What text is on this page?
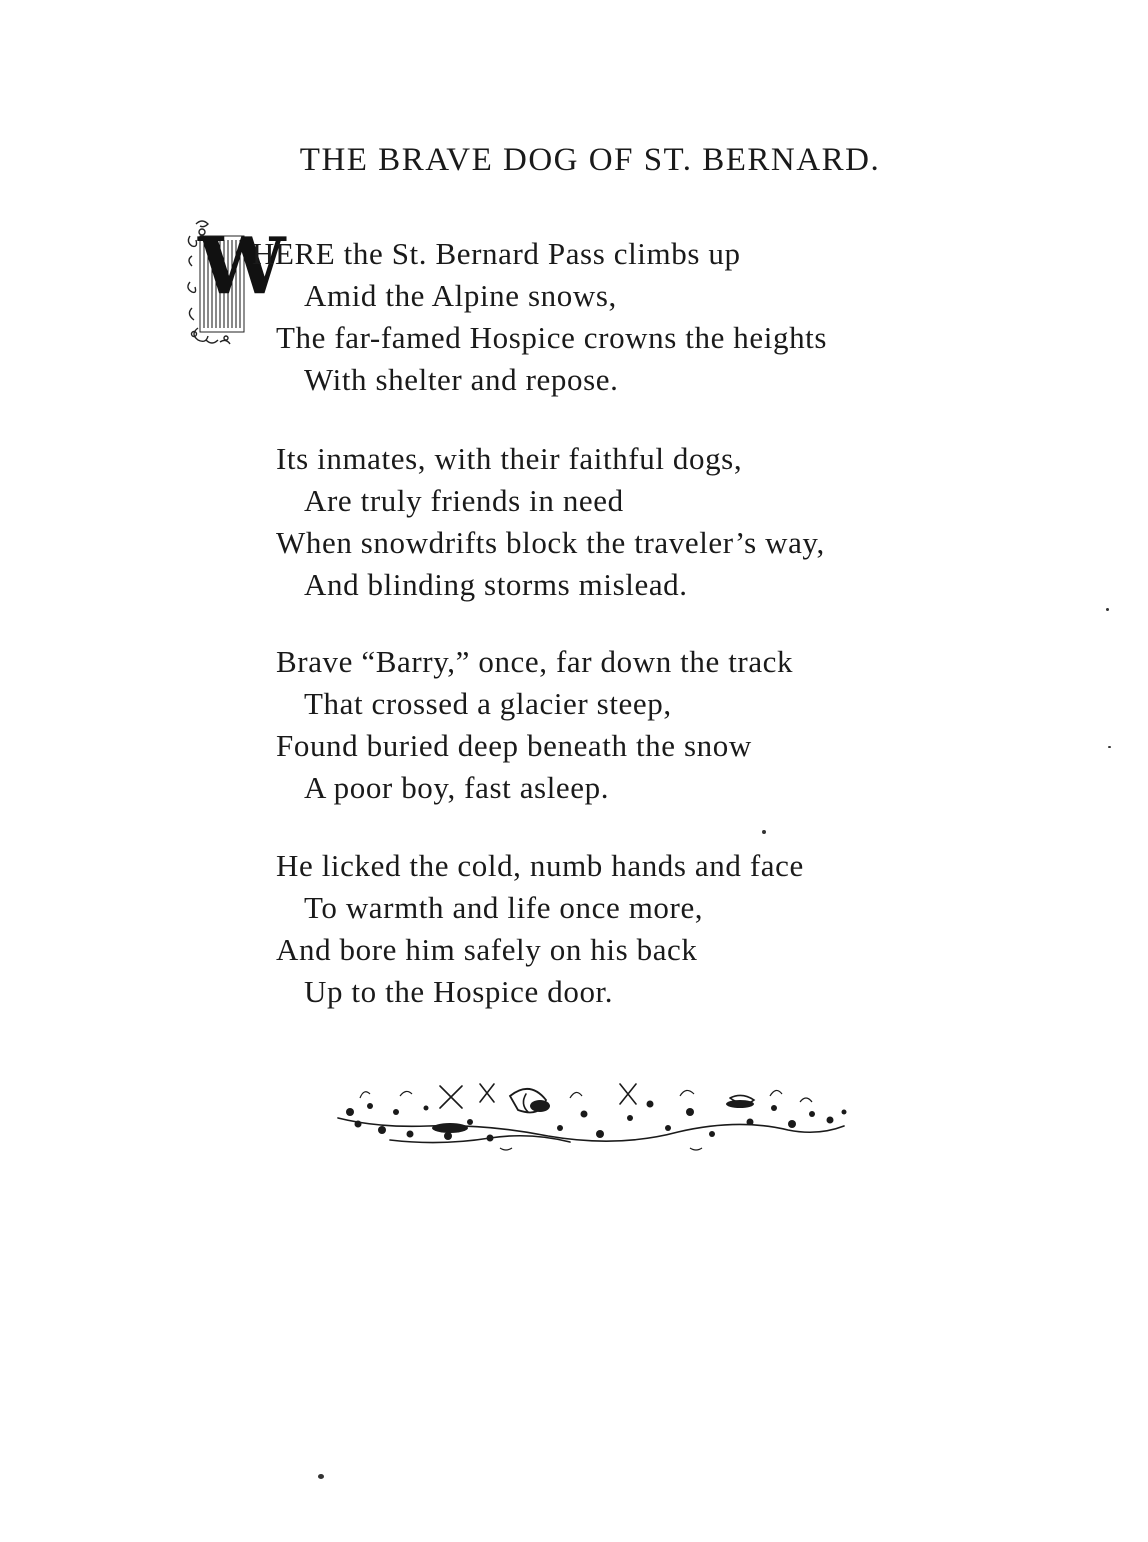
THE BRAVE DOG OF ST. BERNARD.
W
HERE the St. Bernard Pass climbs up
Amid the Alpine snows,
The far-famed Hospice crowns the heights
With shelter and repose.
Its inmates, with their faithful dogs,
Are truly friends in need
When snowdrifts block the traveler’s way,
And blinding storms mislead.
Brave “Barry,” once, far down the track
That crossed a glacier steep,
Found buried deep beneath the snow
A poor boy, fast asleep.
He licked the cold, numb hands and face
To warmth and life once more,
And bore him safely on his back
Up to the Hospice door.
